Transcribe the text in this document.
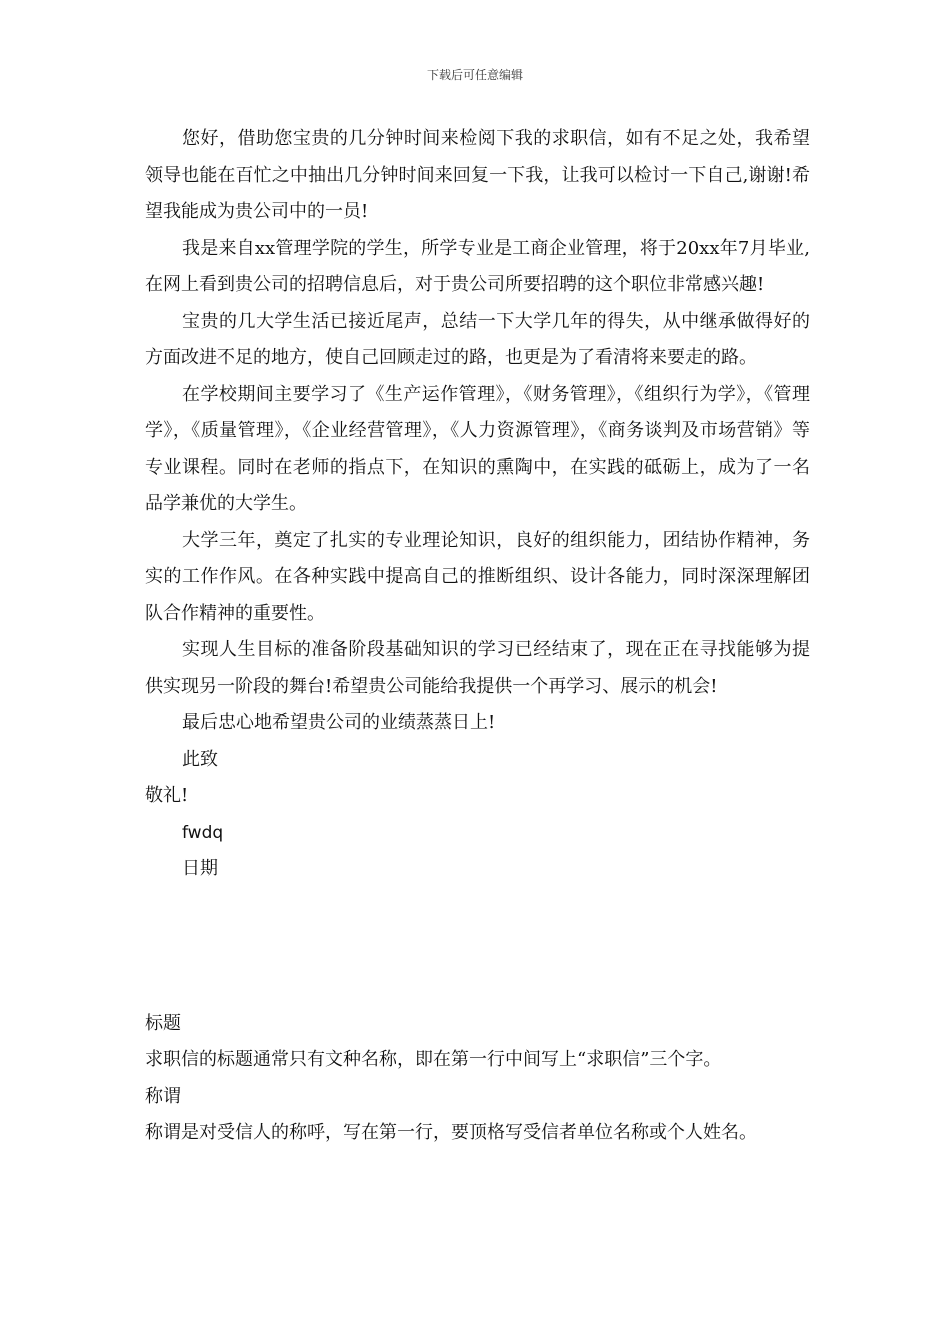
下载后可任意编辑

您好，借助您宝贵的几分钟时间来检阅下我的求职信，如有不足之处，我希望领导也能在百忙之中抽出几分钟时间来回复一下我，让我可以检讨一下自己,谢谢!希望我能成为贵公司中的一员!

我是来自xx管理学院的学生，所学专业是工商企业管理，将于20xx年7月毕业,在网上看到贵公司的招聘信息后，对于贵公司所要招聘的这个职位非常感兴趣!

宝贵的几大学生活已接近尾声，总结一下大学几年的得失，从中继承做得好的方面改进不足的地方，使自己回顾走过的路，也更是为了看清将来要走的路。

在学校期间主要学习了《生产运作管理》，《财务管理》，《组织行为学》，《管理学》，《质量管理》，《企业经营管理》，《人力资源管理》，《商务谈判及市场营销》等专业课程。同时在老师的指点下，在知识的熏陶中，在实践的砥砺上，成为了一名品学兼优的大学生。

大学三年，奠定了扎实的专业理论知识，良好的组织能力，团结协作精神，务实的工作作风。在各种实践中提高自己的推断组织、设计各能力，同时深深理解团队合作精神的重要性。

实现人生目标的准备阶段基础知识的学习已经结束了，现在正在寻找能够为提供实现另一阶段的舞台!希望贵公司能给我提供一个再学习、展示的机会!

最后忠心地希望贵公司的业绩蒸蒸日上!

此致
敬礼!
fwdq
日期
标题
求职信的标题通常只有文种名称，即在第一行中间写上“求职信”三个字。
称谓
称谓是对受信人的称呼，写在第一行，要顶格写受信者单位名称或个人姓名。
